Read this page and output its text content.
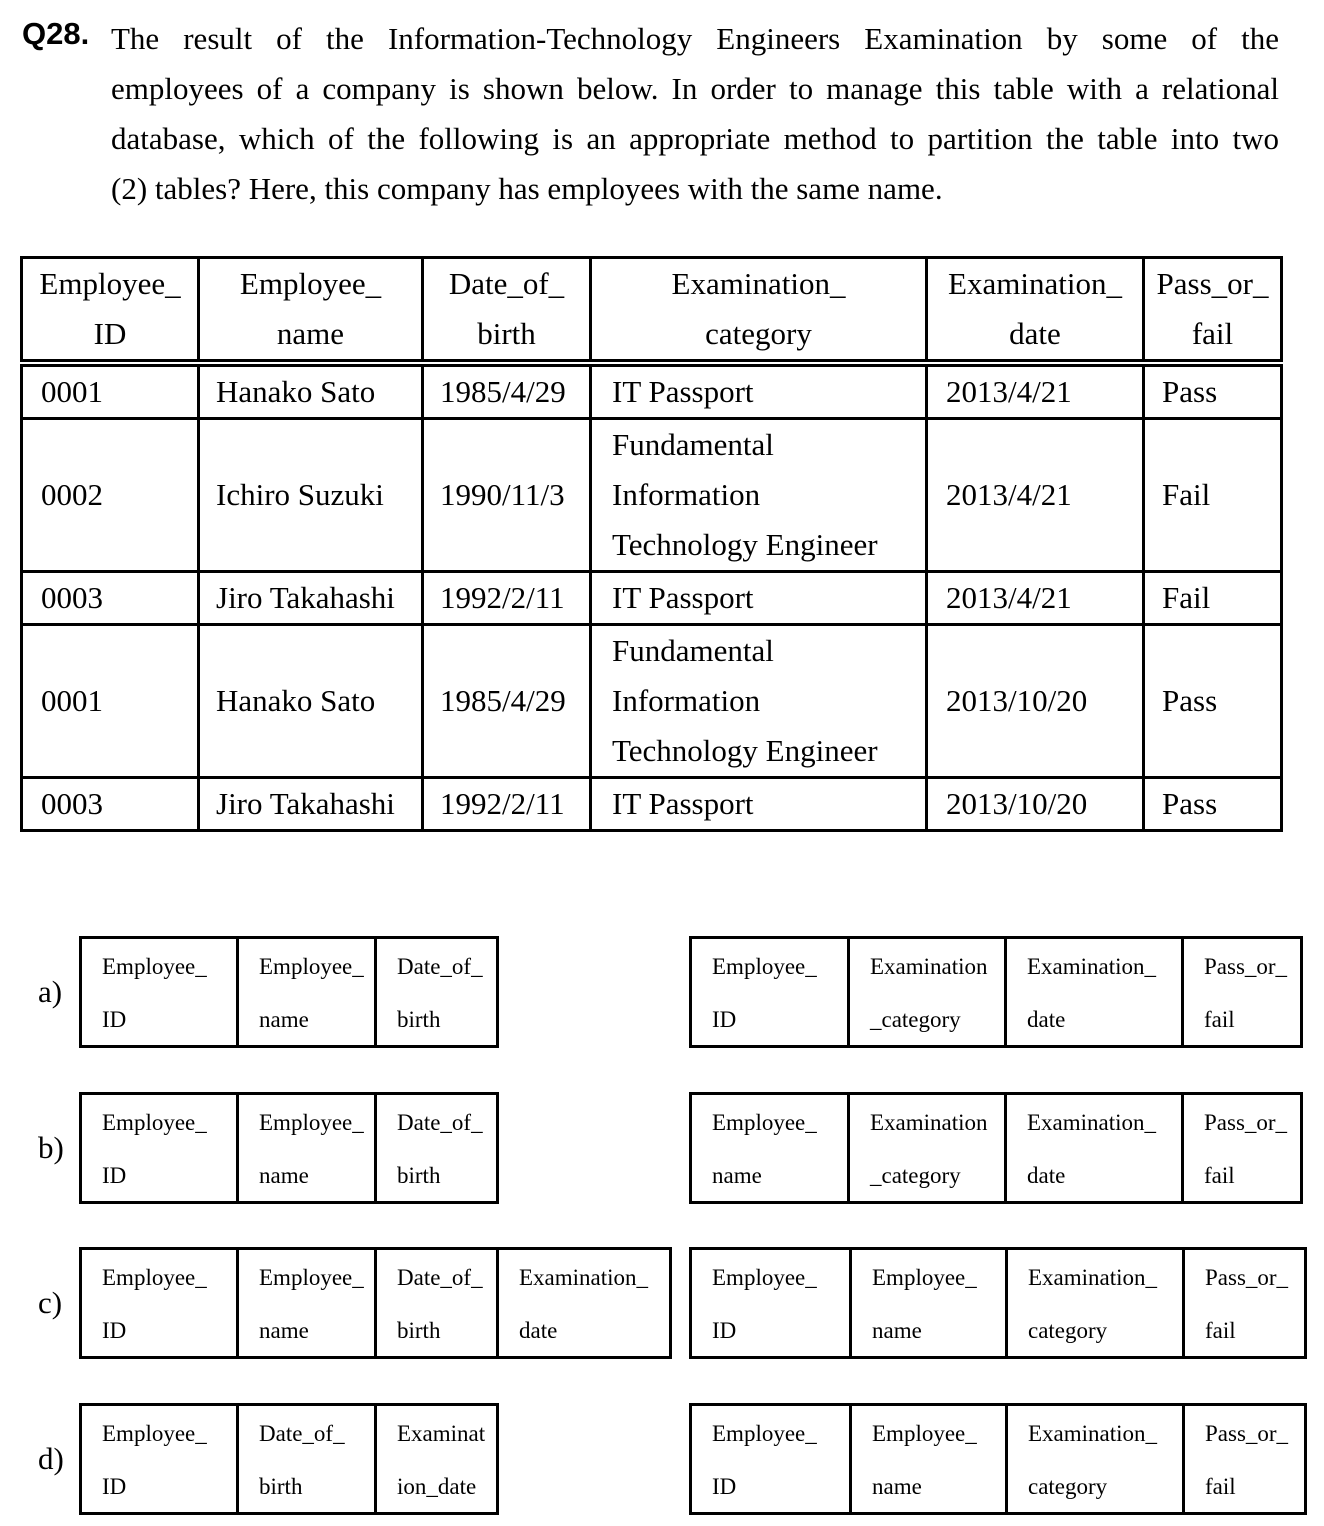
Q28. The result of the Information-Technology Engineers Examination by some of the
employees of a company is shown below. In order to manage this table with a relational
database, which of the following is an appropriate method to partition the table into two
(2) tables? Here, this company has employees with the same name.
Employee_
ID	Employee_
name	Date_of_
birth	Examination_
category	Examination_
date	Pass_or_
fail

0001	Hanako Sato	1985/4/29	IT Passport	2013/4/21	Pass

0002	Ichiro Suzuki	1990/11/3	Fundamental
Information
Technology Engineer	2013/4/21	Fail

0003	Jiro Takahashi	1992/2/11	IT Passport	2013/4/21	Fail

0001	Hanako Sato	1985/4/29	Fundamental
Information
Technology Engineer	2013/10/20	Pass

0003	Jiro Takahashi	1992/2/11	IT Passport	2013/10/20	Pass
a)
Employee_
ID

Employee_
name

Date_of_
birth
Employee_
ID

Examination
_category

Examination_
date

Pass_or_
fail
b)
Employee_
ID

Employee_
name

Date_of_
birth
Employee_
name

Examination
_category

Examination_
date

Pass_or_
fail
c)
Employee_
ID

Employee_
name

Date_of_
birth

Examination_
date
Employee_
ID

Employee_
name

Examination_
category

Pass_or_
fail
d)
Employee_
ID

Date_of_
birth

Examinat
ion_date
Employee_
ID

Employee_
name

Examination_
category

Pass_or_
fail
